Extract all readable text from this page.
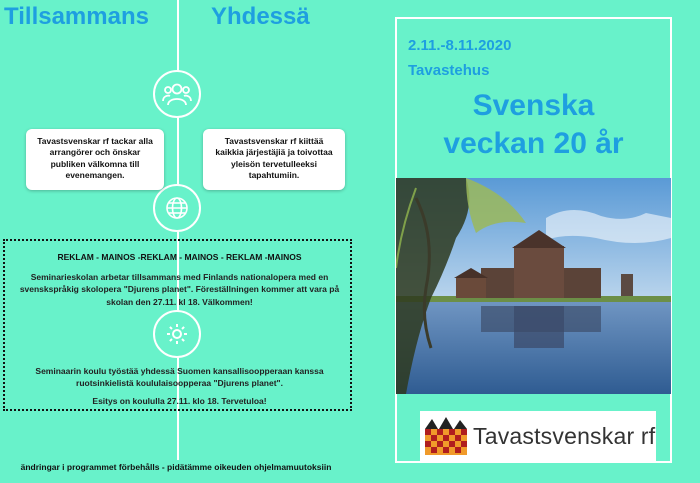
Tillsammans	Yhdessä
Tavastsvenskar rf tackar alla arrangörer och önskar publiken välkomna till evenemangen.
Tavastsvenskar rf kiittää kaikkia järjestäjiä ja toivottaa yleisön tervetulleeksi tapahtumiin.
REKLAM - MAINOS -REKLAM - MAINOS - REKLAM -MAINOS
Seminarieskolan arbetar tillsammans med Finlands nationalopera med en svenskspråkig skolopera "Djurens planet". Föreställningen kommer att vara på skolan den 27.11. kl 18. Välkommen!
Seminaarin koulu työstää yhdessä Suomen kansallisoopperaan kanssa ruotsinkielistä koululaisoopperaa "Djurens planet".
Esitys on koululla 27.11. klo 18. Tervetuloa!
ändringar i programmet förbehålls - pidätämme oikeuden ohjelmamuutoksiin
2.11.-8.11.2020
Tavastehus
Svenska
veckan 20 år
Tavastsvenskar rf
